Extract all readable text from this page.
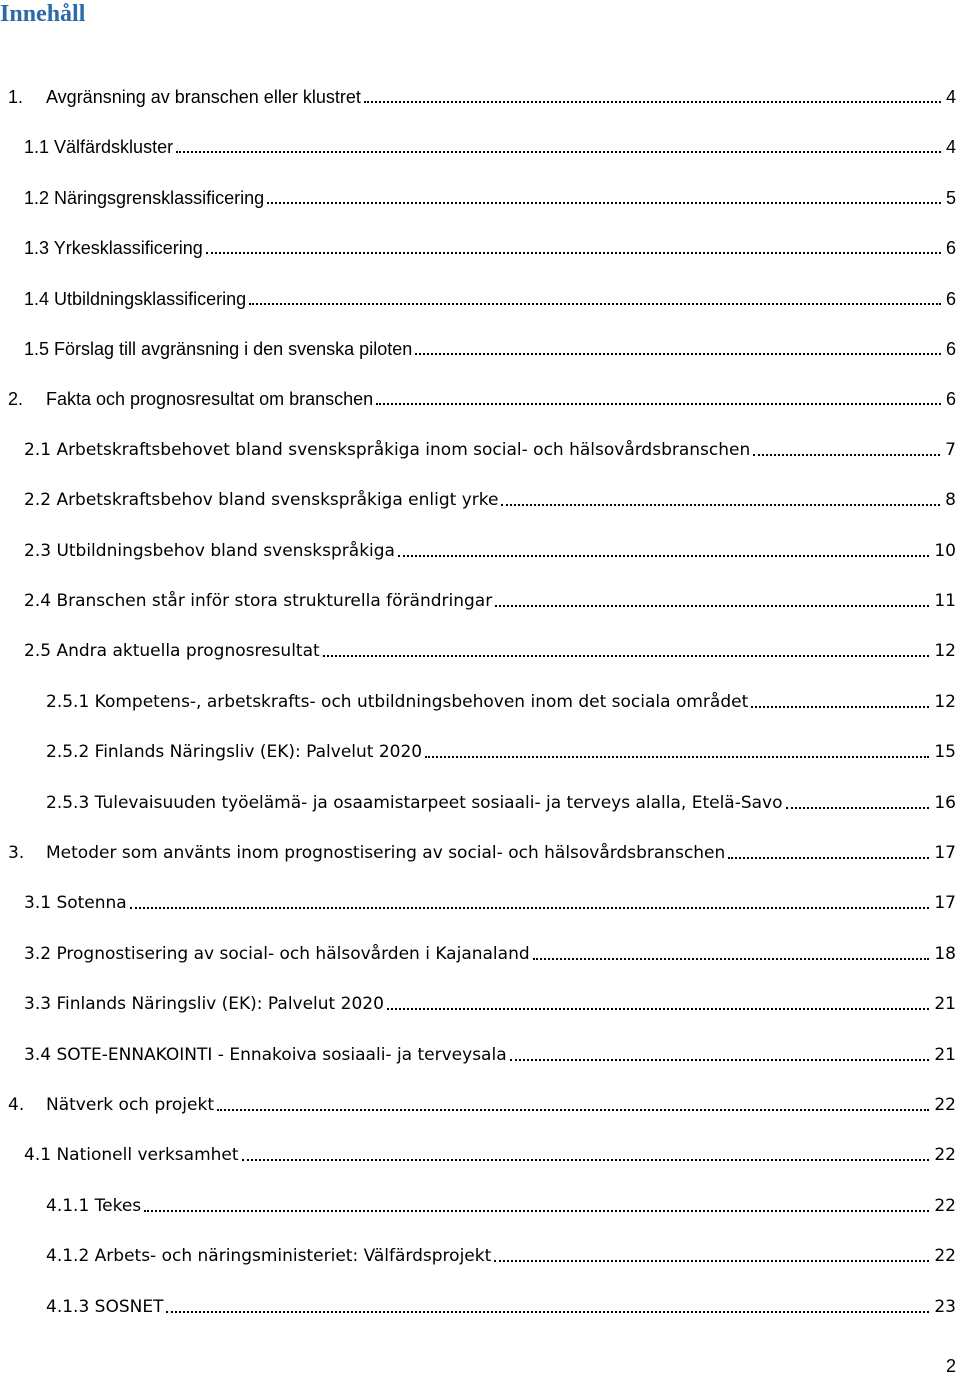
Innehåll
1.	Avgränsning av branschen eller klustret	4
1.1 Välfärdskluster	4
1.2 Näringsgrensklassificering	5
1.3 Yrkesklassificering	6
1.4 Utbildningsklassificering	6
1.5 Förslag till avgränsning i den svenska piloten	6
2.	Fakta och prognosresultat om branschen	6
2.1 Arbetskraftsbehovet bland svenskspråkiga inom social- och hälsovårdsbranschen	7
2.2 Arbetskraftsbehov bland svenskspråkiga enligt yrke	8
2.3 Utbildningsbehov bland svenskspråkiga	10
2.4 Branschen står inför stora strukturella förändringar	11
2.5 Andra aktuella prognosresultat	12
2.5.1 Kompetens-, arbetskrafts- och utbildningsbehoven inom det sociala området	12
2.5.2 Finlands Näringsliv (EK): Palvelut 2020	15
2.5.3 Tulevaisuuden työelämä- ja osaamistarpeet sosiaali- ja terveys alalla, Etelä-Savo	16
3.	Metoder som använts inom prognostisering av social- och hälsovårdsbranschen	17
3.1 Sotenna	17
3.2 Prognostisering av social- och hälsovården i Kajanaland	18
3.3 Finlands Näringsliv (EK): Palvelut 2020	21
3.4 SOTE-ENNAKOINTI - Ennakoiva sosiaali- ja terveysala	21
4.	Nätverk och projekt	22
4.1 Nationell verksamhet	22
4.1.1 Tekes	22
4.1.2 Arbets- och näringsministeriet: Välfärdsprojekt	22
4.1.3 SOSNET	23
2
